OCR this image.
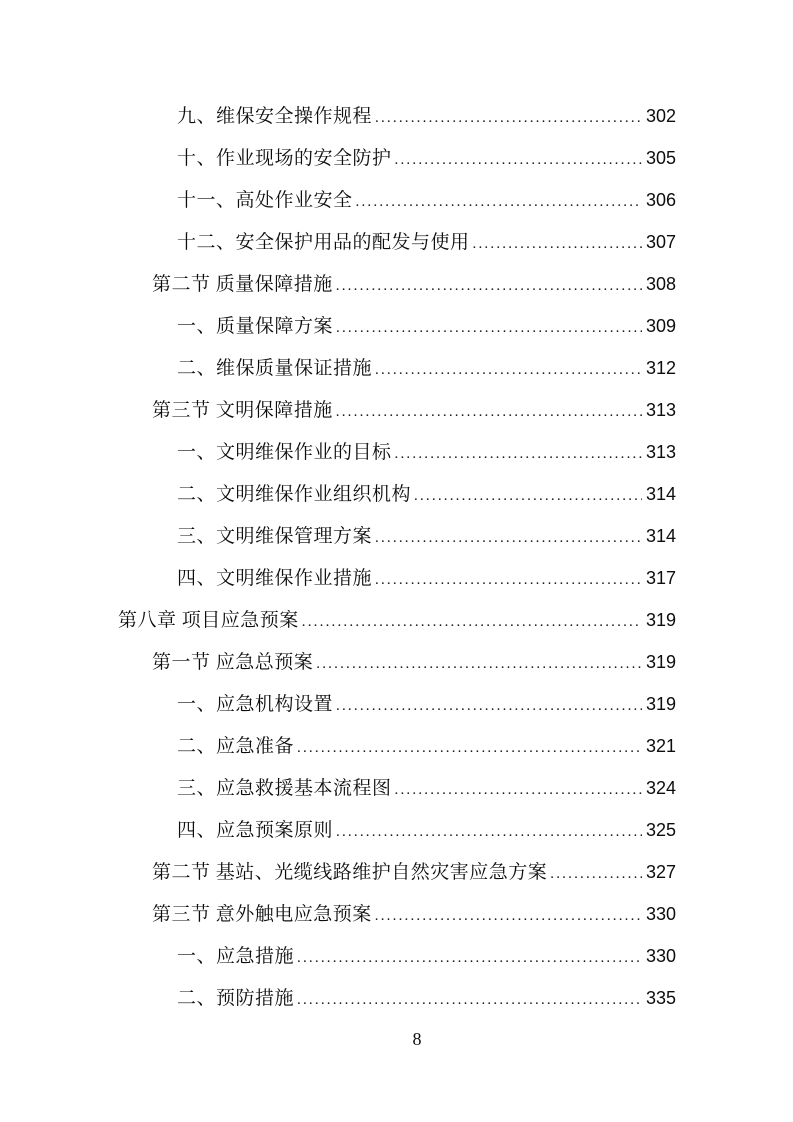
九、维保安全操作规程 .....	302
十、作业现场的安全防护 .....	305
十一、高处作业安全 .....	306
十二、安全保护用品的配发与使用 .....	307
第二节 质量保障措施 .....	308
一、质量保障方案 .....	309
二、维保质量保证措施 .....	312
第三节 文明保障措施 .....	313
一、文明维保作业的目标 .....	313
二、文明维保作业组织机构 .....	314
三、文明维保管理方案 .....	314
四、文明维保作业措施 .....	317
第八章 项目应急预案 .....	319
第一节 应急总预案 .....	319
一、应急机构设置 .....	319
二、应急准备 .....	321
三、应急救援基本流程图 .....	324
四、应急预案原则 .....	325
第二节 基站、光缆线路维护自然灾害应急方案 .....	327
第三节 意外触电应急预案 .....	330
一、应急措施 .....	330
二、预防措施 .....	335
8
